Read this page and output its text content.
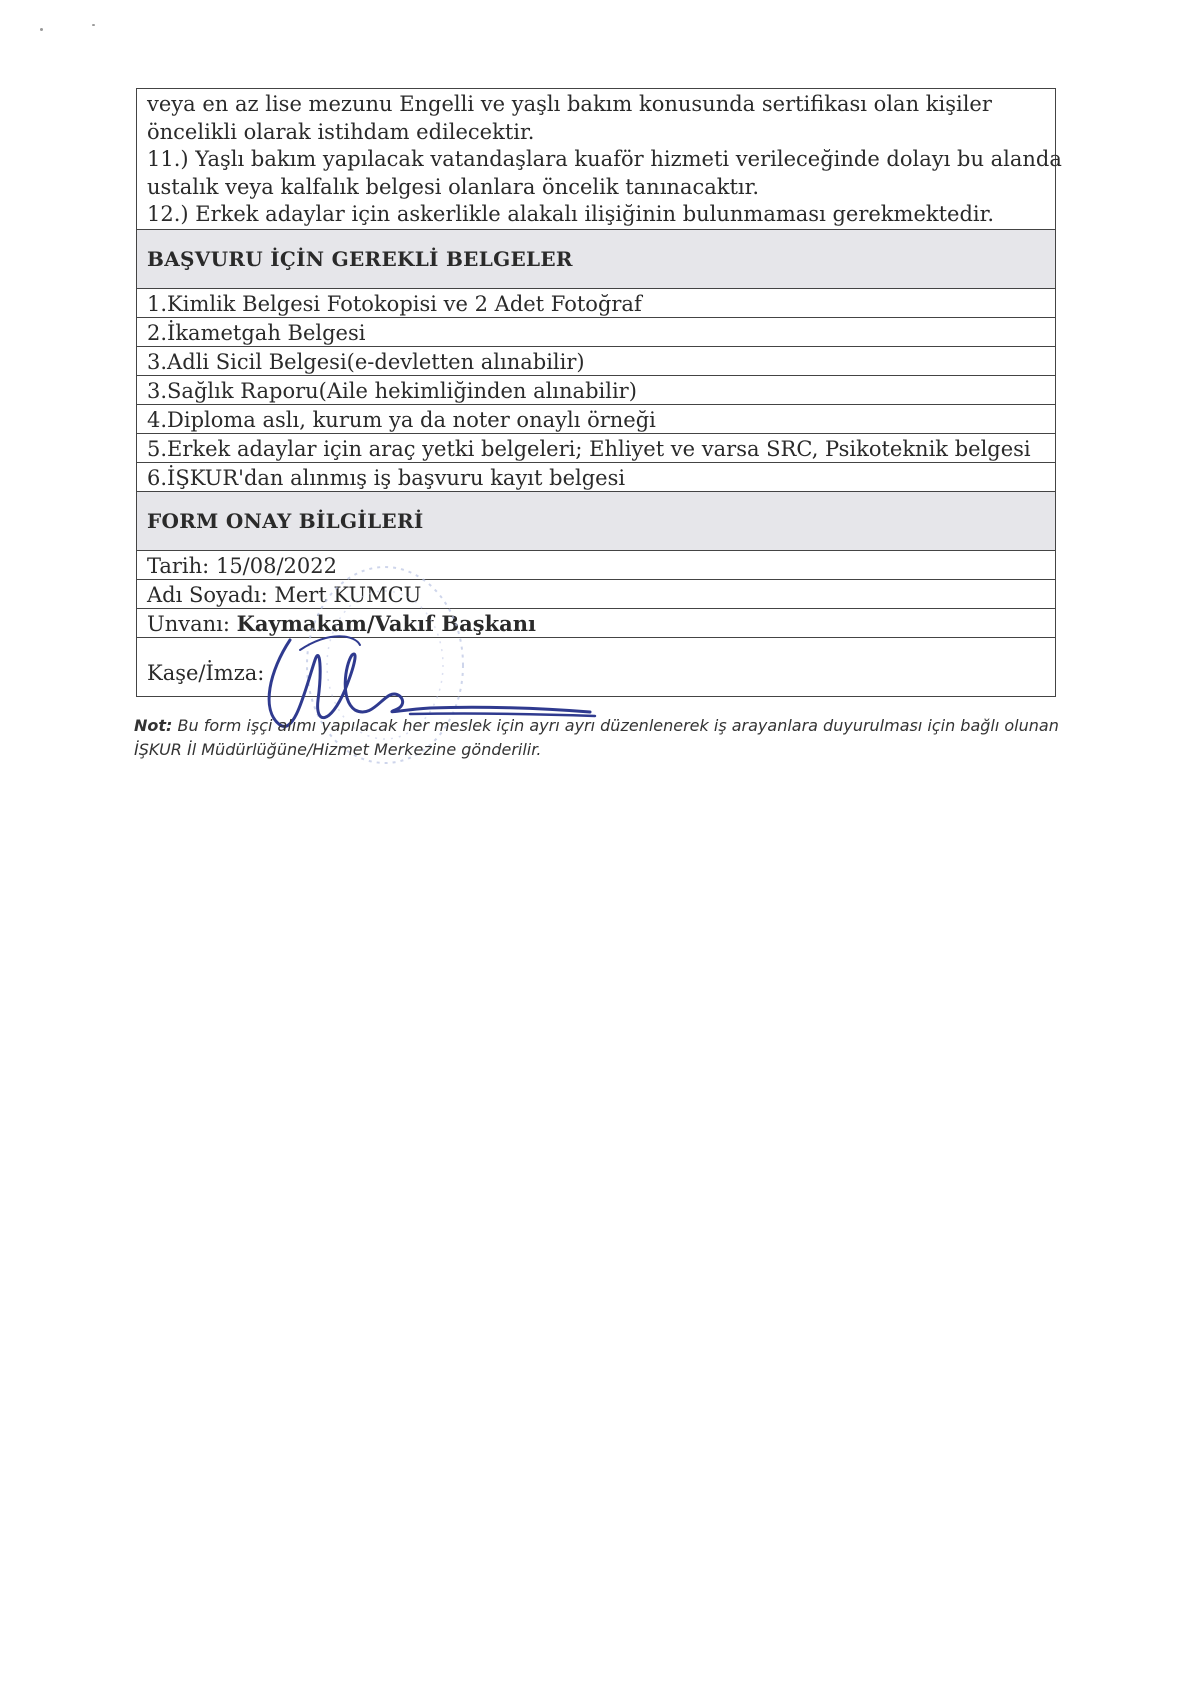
veya en az lise mezunu Engelli ve yaşlı bakım konusunda sertifikası olan kişiler
öncelikli olarak istihdam edilecektir.
11.) Yaşlı bakım yapılacak vatandaşlara kuaför hizmeti verileceğinde dolayı bu alanda
ustalık veya kalfalık belgesi olanlara öncelik tanınacaktır.
12.) Erkek adaylar için askerlikle alakalı ilişiğinin bulunmaması gerekmektedir.
BAŞVURU İÇİN GEREKLİ BELGELER
1.Kimlik Belgesi Fotokopisi ve 2 Adet Fotoğraf
2.İkametgah Belgesi
3.Adli Sicil Belgesi(e-devletten alınabilir)
3.Sağlık Raporu(Aile hekimliğinden alınabilir)
4.Diploma aslı, kurum ya da noter onaylı örneği
5.Erkek adaylar için araç yetki belgeleri; Ehliyet ve varsa SRC, Psikoteknik belgesi
6.İŞKUR'dan alınmış iş başvuru kayıt belgesi
FORM ONAY BİLGİLERİ
Tarih: 15/08/2022
Adı Soyadı: Mert KUMCU
Unvanı: Kaymakam/Vakıf Başkanı
Kaşe/İmza:
Not: Bu form işçi alımı yapılacak her meslek için ayrı ayrı düzenlenerek iş arayanlara duyurulması için bağlı olunan İŞKUR İl Müdürlüğüne/Hizmet Merkezine gönderilir.
